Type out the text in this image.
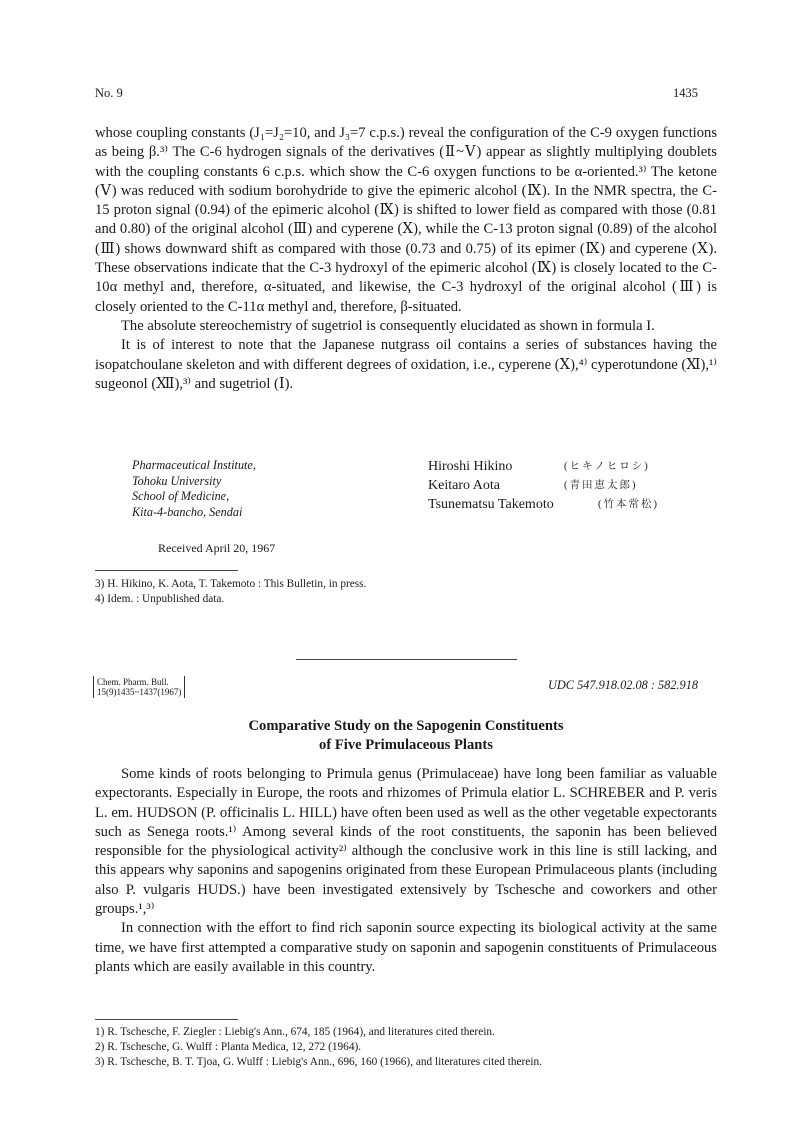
No. 9	1435

whose coupling constants (J₁=J₂=10, and J₃=7 c.p.s.) reveal the configuration of the C-9 oxygen functions as being β.³⁾ The C-6 hydrogen signals of the derivatives (Ⅱ~Ⅴ) appear as slightly multiplying doublets with the coupling constants 6 c.p.s. which show the C-6 oxygen functions to be α-oriented.³⁾ The ketone (Ⅴ) was reduced with sodium borohydride to give the epimeric alcohol (Ⅸ). In the NMR spectra, the C-15 proton signal (0.94) of the epimeric alcohol (Ⅸ) is shifted to lower field as compared with those (0.81 and 0.80) of the original alcohol (Ⅲ) and cyperene (Ⅹ), while the C-13 proton signal (0.89) of the alcohol (Ⅲ) shows downward shift as compared with those (0.73 and 0.75) of its epimer (Ⅸ) and cyperene (Ⅹ). These observations indicate that the C-3 hydroxyl of the epimeric alcohol (Ⅸ) is closely located to the C-10α methyl and, therefore, α-situated, and likewise, the C-3 hydroxyl of the original alcohol (Ⅲ) is closely oriented to the C-11α methyl and, therefore, β-situated.

The absolute stereochemistry of sugetriol is consequently elucidated as shown in formula I.

It is of interest to note that the Japanese nutgrass oil contains a series of substances having the isopatchoulane skeleton and with different degrees of oxidation, i.e., cyperene (Ⅹ),⁴⁾ cyperotundone (Ⅺ),¹⁾ sugeonol (Ⅻ),³⁾ and sugetriol (Ⅰ).

Pharmaceutical Institute,
Tohoku University
School of Medicine,
Kita-4-bancho, Sendai
Hiroshi Hikino	(ヒキノヒロシ)
Keitaro Aota	(青田恵太郎)
Tsunematsu Takemoto	(竹本常松)
Received April 20, 1967
3) H. Hikino, K. Aota, T. Takemoto : This Bulletin, in press.
4) Idem. : Unpublished data.
Chem. Pharm. Bull.
15(9)1435~1437(1967)	UDC 547.918.02.08 : 582.918
Comparative Study on the Sapogenin Constituents
of Five Primulaceous Plants

Some kinds of roots belonging to Primula genus (Primulaceae) have long been familiar as valuable expectorants. Especially in Europe, the roots and rhizomes of Primula elatior L. SCHREBER and P. veris L. em. HUDSON (P. officinalis L. HILL) have often been used as well as the other vegetable expectorants such as Senega roots.¹⁾ Among several kinds of the root constituents, the saponin has been believed responsible for the physiological activity²⁾ although the conclusive work in this line is still lacking, and this appears why saponins and sapogenins originated from these European Primulaceous plants (including also P. vulgaris HUDS.) have been investigated extensively by Tschesche and coworkers and other groups.¹,³⁾

In connection with the effort to find rich saponin source expecting its biological activity at the same time, we have first attempted a comparative study on saponin and sapogenin constituents of Primulaceous plants which are easily available in this country.

1) R. Tschesche, F. Ziegler : Liebig's Ann., 674, 185 (1964), and literatures cited therein.
2) R. Tschesche, G. Wulff : Planta Medica, 12, 272 (1964).
3) R. Tschesche, B. T. Tjoa, G. Wulff : Liebig's Ann., 696, 160 (1966), and literatures cited therein.
